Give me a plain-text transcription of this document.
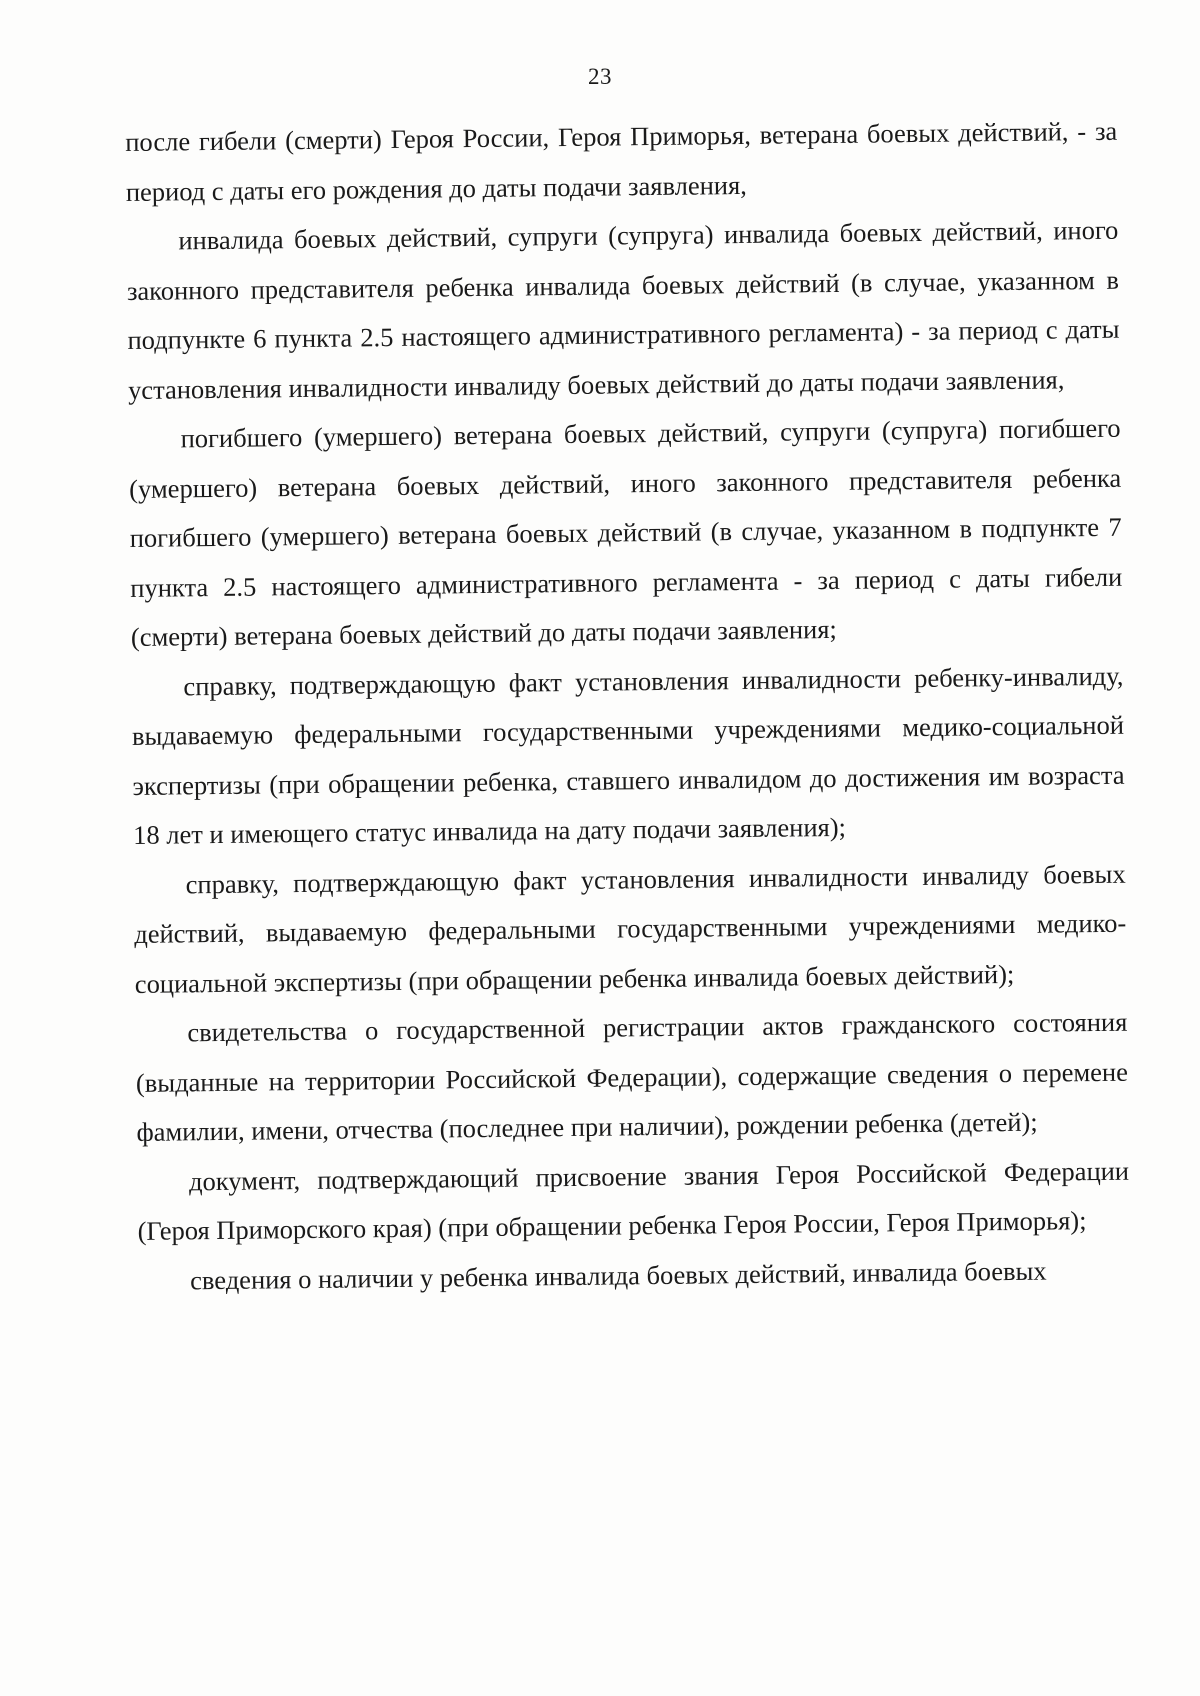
23

после гибели (смерти) Героя России, Героя Приморья, ветерана боевых действий, - за период с даты его рождения до даты подачи заявления,

инвалида боевых действий, супруги (супруга) инвалида боевых действий, иного законного представителя ребенка инвалида боевых действий (в случае, указанном в подпункте 6 пункта 2.5 настоящего административного регламента) - за период с даты установления инвалидности инвалиду боевых действий до даты подачи заявления,

погибшего (умершего) ветерана боевых действий, супруги (супруга) погибшего (умершего) ветерана боевых действий, иного законного представителя ребенка погибшего (умершего) ветерана боевых действий (в случае, указанном в подпункте 7 пункта 2.5 настоящего административного регламента - за период с даты гибели (смерти) ветерана боевых действий до даты подачи заявления;

справку, подтверждающую факт установления инвалидности ребенку-инвалиду, выдаваемую федеральными государственными учреждениями медико-социальной экспертизы (при обращении ребенка, ставшего инвалидом до достижения им возраста 18 лет и имеющего статус инвалида на дату подачи заявления);

справку, подтверждающую факт установления инвалидности инвалиду боевых действий, выдаваемую федеральными государственными учреждениями медико-социальной экспертизы (при обращении ребенка инвалида боевых действий);

свидетельства о государственной регистрации актов гражданского состояния (выданные на территории Российской Федерации), содержащие сведения о перемене фамилии, имени, отчества (последнее при наличии), рождении ребенка (детей);

документ, подтверждающий присвоение звания Героя Российской Федерации (Героя Приморского края) (при обращении ребенка Героя России, Героя Приморья);

сведения о наличии у ребенка инвалида боевых действий, инвалида боевых
